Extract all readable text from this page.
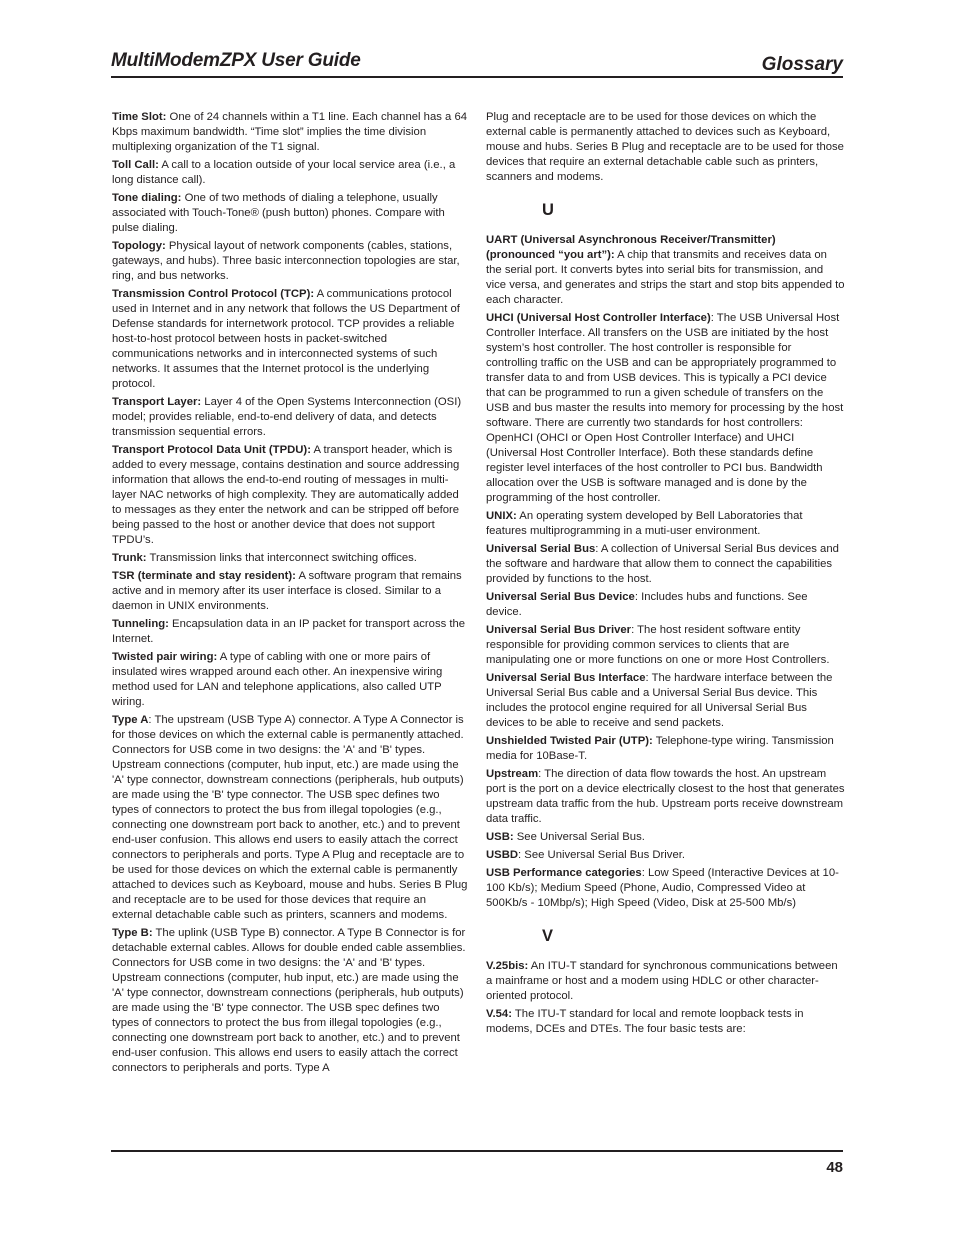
MultiModemZPX User Guide	Glossary

Time Slot: One of 24 channels within a T1 line. Each channel has a 64 Kbps maximum bandwidth. “Time slot” implies the time division multiplexing organization of the T1 signal.

Toll Call: A call to a location outside of your local service area (i.e., a long distance call).

Tone dialing: One of two methods of dialing a telephone, usually associated with Touch-Tone® (push button) phones. Compare with pulse dialing.

Topology: Physical layout of network components (cables, stations, gateways, and hubs). Three basic interconnection topologies are star, ring, and bus networks.

Transmission Control Protocol (TCP): A communications protocol used in Internet and in any network that follows the US Department of Defense standards for internetwork protocol. TCP provides a reliable host-to-host protocol between hosts in packet-switched communications networks and in interconnected systems of such networks. It assumes that the Internet protocol is the underlying protocol.

Transport Layer: Layer 4 of the Open Systems Interconnection (OSI) model; provides reliable, end-to-end delivery of data, and detects transmission sequential errors.

Transport Protocol Data Unit (TPDU): A transport header, which is added to every message, contains destination and source addressing information that allows the end-to-end routing of messages in multi-layer NAC networks of high complexity. They are automatically added to messages as they enter the network and can be stripped off before being passed to the host or another device that does not support TPDU’s.

Trunk: Transmission links that interconnect switching offices.

TSR (terminate and stay resident): A software program that remains active and in memory after its user interface is closed. Similar to a daemon in UNIX environments.

Tunneling: Encapsulation data in an IP packet for transport across the Internet.

Twisted pair wiring: A type of cabling with one or more pairs of insulated wires wrapped around each other. An inexpensive wiring method used for LAN and telephone applications, also called UTP wiring.

Type A: The upstream (USB Type A) connector. A Type A Connector is for those devices on which the external cable is permanently attached. Connectors for USB come in two designs: the 'A' and 'B' types. Upstream connections (computer, hub input, etc.) are made using the 'A' type connector, downstream connections (peripherals, hub outputs) are made using the 'B' type connector. The USB spec defines two types of connectors to protect the bus from illegal topologies (e.g., connecting one downstream port back to another, etc.) and to prevent end-user confusion. This allows end users to easily attach the correct connectors to peripherals and ports. Type A Plug and receptacle are to be used for those devices on which the external cable is permanently attached to devices such as Keyboard, mouse and hubs. Series B Plug and receptacle are to be used for those devices that require an external detachable cable such as printers, scanners and modems.

Type B: The uplink (USB Type B) connector. A Type B Connector is for detachable external cables. Allows for double ended cable assemblies. Connectors for USB come in two designs: the 'A' and 'B' types. Upstream connections (computer, hub input, etc.) are made using the 'A' type connector, downstream connections (peripherals, hub outputs) are made using the 'B' type connector. The USB spec defines two types of connectors to protect the bus from illegal topologies (e.g., connecting one downstream port back to another, etc.) and to prevent end-user confusion. This allows end users to easily attach the correct connectors to peripherals and ports. Type A

Plug and receptacle are to be used for those devices on which the external cable is permanently attached to devices such as Keyboard, mouse and hubs. Series B Plug and receptacle are to be used for those devices that require an external detachable cable such as printers, scanners and modems.

U

UART (Universal Asynchronous Receiver/Transmitter) (pronounced “you art”): A chip that transmits and receives data on the serial port. It converts bytes into serial bits for transmission, and vice versa, and generates and strips the start and stop bits appended to each character.

UHCI (Universal Host Controller Interface): The USB Universal Host Controller Interface. All transfers on the USB are initiated by the host system’s host controller. The host controller is responsible for controlling traffic on the USB and can be appropriately programmed to transfer data to and from USB devices. This is typically a PCI device that can be programmed to run a given schedule of transfers on the USB and bus master the results into memory for processing by the host software. There are currently two standards for host controllers: OpenHCI (OHCI or Open Host Controller Interface) and UHCI (Universal Host Controller Interface). Both these standards define register level interfaces of the host controller to PCI bus. Bandwidth allocation over the USB is software managed and is done by the programming of the host controller.

UNIX: An operating system developed by Bell Laboratories that features multiprogramming in a muti-user environment.

Universal Serial Bus: A collection of Universal Serial Bus devices and the software and hardware that allow them to connect the capabilities provided by functions to the host.

Universal Serial Bus Device: Includes hubs and functions. See device.

Universal Serial Bus Driver: The host resident software entity responsible for providing common services to clients that are manipulating one or more functions on one or more Host Controllers.

Universal Serial Bus Interface: The hardware interface between the Universal Serial Bus cable and a Universal Serial Bus device. This includes the protocol engine required for all Universal Serial Bus devices to be able to receive and send packets.

Unshielded Twisted Pair (UTP): Telephone-type wiring. Tansmission media for 10Base-T.

Upstream: The direction of data flow towards the host. An upstream port is the port on a device electrically closest to the host that generates upstream data traffic from the hub. Upstream ports receive downstream data traffic.

USB: See Universal Serial Bus.

USBD: See Universal Serial Bus Driver.

USB Performance categories: Low Speed (Interactive Devices at 10-100 Kb/s); Medium Speed (Phone, Audio, Compressed Video at 500Kb/s - 10Mbp/s); High Speed (Video, Disk at 25-500 Mb/s)

V

V.25bis: An ITU-T standard for synchronous communications between a mainframe or host and a modem using HDLC or other character-oriented protocol.

V.54: The ITU-T standard for local and remote loopback tests in modems, DCEs and DTEs. The four basic tests are:

48
